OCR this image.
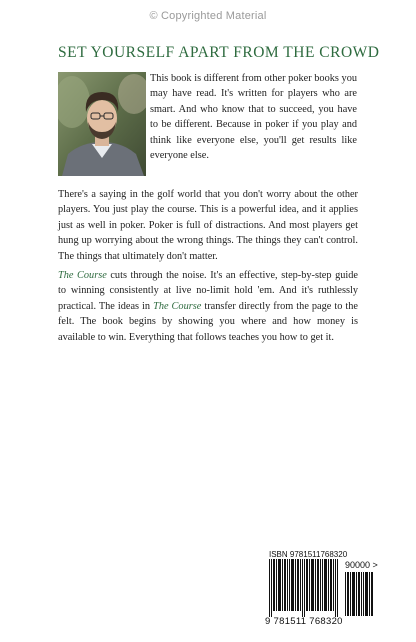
© Copyrighted Material
SET YOURSELF APART FROM THE CROWD

This book is different from other poker books you may have read. It's written for players who are smart. And who know that to succeed, you have to be different. Because in poker if you play and think like everyone else, you'll get results like everyone else.

There's a saying in the golf world that you don't worry about the other players. You just play the course. This is a powerful idea, and it applies just as well in poker. Poker is full of distractions. And most players get hung up worrying about the wrong things. The things they can't control. The things that ultimately don't matter.

The Course cuts through the noise. It's an effective, step-by-step guide to winning consistently at live no-limit hold 'em. And it's ruthlessly practical. The ideas in The Course transfer directly from the page to the felt. The book begins by showing you where and how money is available to win. Everything that follows teaches you how to get it.

ISBN 9781511768320
90000 >
9 781511 768320
